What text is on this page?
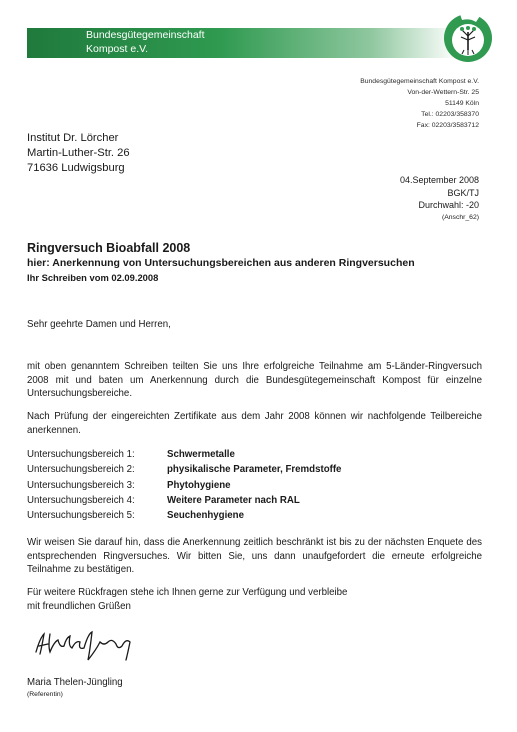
Bundesgütegemeinschaft
Kompost e.V.
Bundesgütegemeinschaft Kompost e.V.
Von-der-Wettern-Str. 25
51149 Köln
Tel.: 02203/358370
Fax: 02203/3583712
Institut Dr. Lörcher
Martin-Luther-Str. 26
71636 Ludwigsburg
04.September 2008
BGK/TJ
Durchwahl: -20
(Anschr_62)
Ringversuch Bioabfall 2008
hier: Anerkennung von Untersuchungsbereichen aus anderen Ringversuchen
Ihr Schreiben vom 02.09.2008
Sehr geehrte Damen und Herren,
mit oben genanntem Schreiben teilten Sie uns Ihre erfolgreiche Teilnahme am 5-Länder-Ringversuch 2008 mit und baten um Anerkennung durch die Bundesgütegemeinschaft Kompost für einzelne Untersuchungsbereiche.
Nach Prüfung der eingereichten Zertifikate aus dem Jahr 2008 können wir nachfolgende Teilbereiche anerkennen.
Untersuchungsbereich 1:	Schwermetalle
Untersuchungsbereich 2:	physikalische Parameter, Fremdstoffe
Untersuchungsbereich 3:	Phytohygiene
Untersuchungsbereich 4:	Weitere Parameter nach RAL
Untersuchungsbereich 5:	Seuchenhygiene
Wir weisen Sie darauf hin, dass die Anerkennung zeitlich beschränkt ist bis zu der nächsten Enquete des entsprechenden Ringversuches. Wir bitten Sie, uns dann unaufgefordert die erneute erfolgreiche Teilnahme zu bestätigen.
Für weitere Rückfragen stehe ich Ihnen gerne zur Verfügung und verbleibe
mit freundlichen Grüßen
Maria Thelen-Jüngling
(Referentin)
